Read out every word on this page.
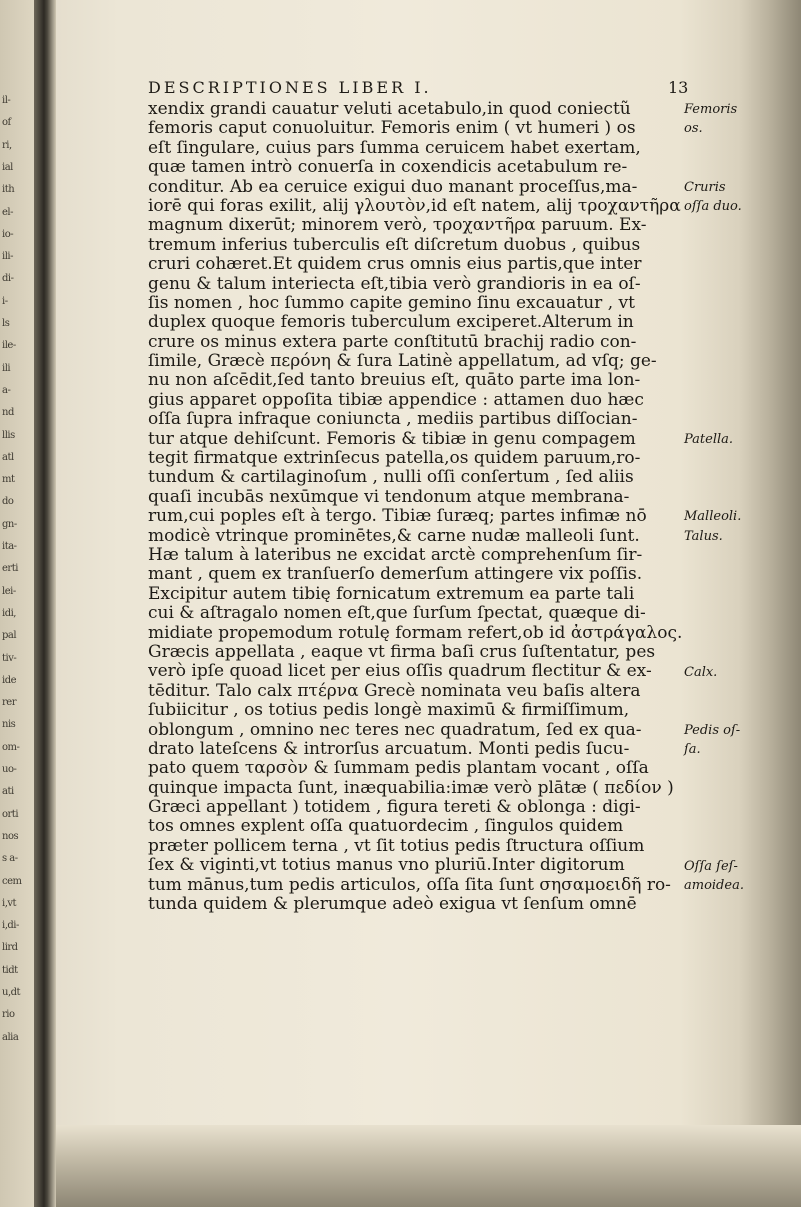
il-
of
ri,
ial
ith
el-
io-
ili-
di-
i-
ls
ile-
ili
a-
nd
llis
atl
mt
do
gn-
ita-
erti
lei-
idi,
pal
tiv-
ide
rer
nis
om-
uo-
ati
orti
nos
s a-
cem
i,vt
i,di-
lird
tidt
u,dt
rio
alia
DESCRIPTIONES LIBER I.	13
xendix grandi cauatur veluti acetabulo,in quod coniectũ
femoris caput conuoluitur. Femoris enim ( vt humeri ) os
eſt ſingulare, cuius pars ſumma ceruicem habet exertam,
quæ tamen intrò conuerſa in coxendicis acetabulum re-
conditur. Ab ea ceruice exigui duo manant proceſſus,ma-
iorē qui foras exilit, alij γλουτὸν,id eſt natem, alij τροχαντῆρα
magnum dixerūt; minorem verò, τροχαντῆρα paruum. Ex-
tremum inferius tuberculis eſt diſcretum duobus , quibus
cruri cohæret.Et quidem crus omnis eius partis,que inter
genu & talum interiecta eſt,tibia verò grandioris in ea oſ-
ſis nomen , hoc ſummo capite gemino ſinu excauatur , vt
duplex quoque femoris tuberculum exciperet.Alterum in
crure os minus extera parte conſtitutū brachij radio con-
ſimile, Græcè περόνη & ſura Latinè appellatum, ad vſq; ge-
nu non aſcēdit,ſed tanto breuius eſt, quāto parte ima lon-
gius apparet oppoſita tibiæ appendice : attamen duo hæc
oſſa ſupra infraque coniuncta , mediis partibus diſſocian-
tur atque dehiſcunt. Femoris & tibiæ in genu compagem
tegit firmatque extrinſecus patella,os quidem paruum,ro-
tundum & cartilaginoſum , nulli oſſi conſertum , ſed aliis
quaſi incubās nexūmque vi tendonum atque membrana-
rum,cui poples eſt à tergo. Tibiæ ſuræq; partes infimæ nō
modicè vtrinque prominētes,& carne nudæ malleoli ſunt.
Hæ talum à lateribus ne excidat arctè comprehenſum ſir-
mant , quem ex tranſuerſo demerſum attingere vix poſſis.
Excipitur autem tibię fornicatum extremum ea parte tali
cui & aſtragalo nomen eſt,que ſurſum ſpectat, quæque di-
midiate propemodum rotulę formam refert,ob id ἀστράγαλος.
Græcis appellata , eaque vt firma baſi crus ſuſtentatur, pes
verò ipſe quoad licet per eius oſſis quadrum flectitur & ex-
tēditur. Talo calx πτέρνα Grecè nominata veu baſis altera
ſubiicitur , os totius pedis longè maximū & firmiſſimum,
oblongum , omnino nec teres nec quadratum, ſed ex qua-
drato lateſcens & introrſus arcuatum. Monti pedis ſucu-
pato quem ταρσὸν & ſummam pedis plantam vocant , oſſa
quinque impacta ſunt, inæquabilia:imæ verò plātæ ( πεδίον )
Græci appellant ) totidem , figura tereti & oblonga : digi-
tos omnes explent oſſa quatuordecim , ſingulos quidem
præter pollicem terna , vt ſit totius pedis ſtructura oſſium
ſex & viginti,vt totius manus vno pluriū.Inter digitorum
tum mānus,tum pedis articulos, oſſa ſita ſunt σησαμοειδῆ ro-
tunda quidem & plerumque adeò exigua vt ſenſum omnē
Femoris
os.
Cruris
oſſa duo.
Patella.
Malleoli.
Talus.
Calx.
Pedis oſ-
ſa.
Oſſa ſeſ-
amoidea.
